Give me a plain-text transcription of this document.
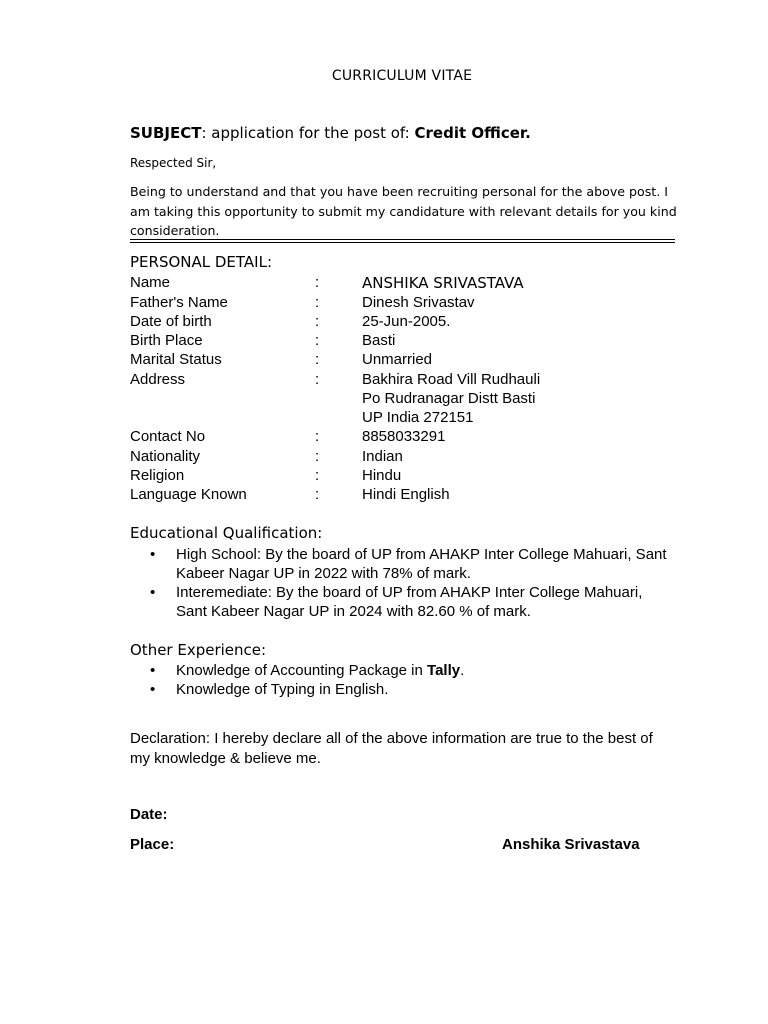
CURRICULUM VITAE
SUBJECT: application for the post of: Credit Officer.
Respected Sir,
Being to understand and that you have been recruiting personal for the above post. I am taking this opportunity to submit my candidature with relevant details for you kind consideration.
PERSONAL DETAIL:
Name	:	ANSHIKA SRIVASTAVA
Father's Name	:	Dinesh Srivastav
Date of birth	:	25-Jun-2005.
Birth Place	:	Basti
Marital Status	:	Unmarried
Address	:	Bakhira Road Vill Rudhauli
Po Rudranagar Distt Basti
UP India 272151
Contact No	:	8858033291
Nationality	:	Indian
Religion	:	Hindu
Language Known	:	Hindi English
Educational Qualification:
• High School: By the board of UP from AHAKP Inter College Mahuari, Sant Kabeer Nagar UP in 2022 with 78% of mark.
• Interemediate: By the board of UP from AHAKP Inter College Mahuari, Sant Kabeer Nagar UP in 2024 with 82.60 % of mark.
Other Experience:
• Knowledge of Accounting Package in Tally.
• Knowledge of Typing in English.
Declaration: I hereby declare all of the above information are true to the best of my knowledge & believe me.
Date:
Place:	Anshika Srivastava
